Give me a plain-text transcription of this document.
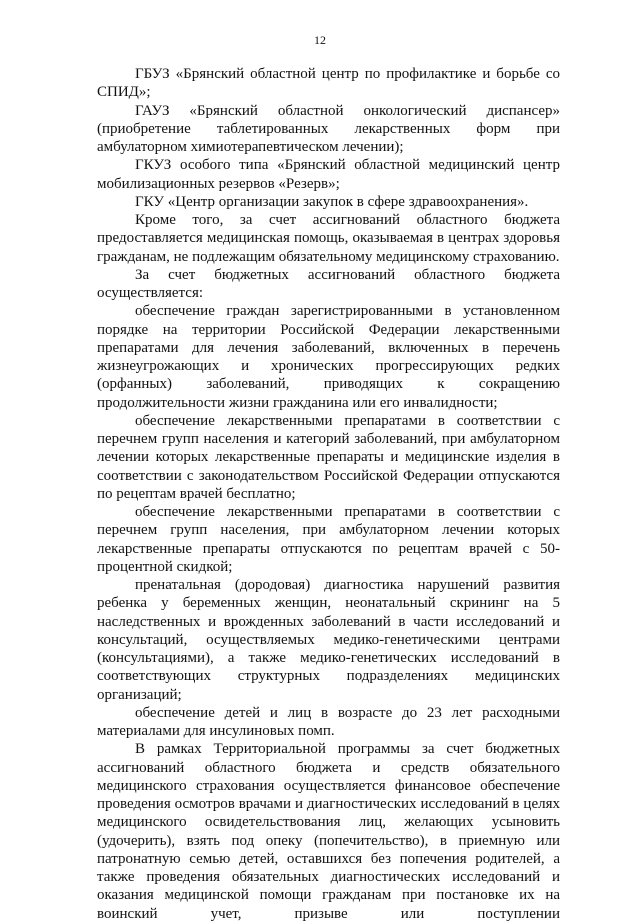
12

ГБУЗ «Брянский областной центр по профилактике и борьбе со СПИД»;

ГАУЗ «Брянский областной онкологический диспансер» (приобретение таблетированных лекарственных форм при амбулаторном химиотерапевтическом лечении);

ГКУЗ особого типа «Брянский областной медицинский центр мобилизационных резервов «Резерв»;

ГКУ «Центр организации закупок в сфере здравоохранения».

Кроме того, за счет ассигнований областного бюджета предоставляется медицинская помощь, оказываемая в центрах здоровья гражданам, не подлежащим обязательному медицинскому страхованию.

За счет бюджетных ассигнований областного бюджета осуществляется:

обеспечение граждан зарегистрированными в установленном порядке на территории Российской Федерации лекарственными препаратами для лечения заболеваний, включенных в перечень жизнеугрожающих и хронических прогрессирующих редких (орфанных) заболеваний, приводящих к сокращению продолжительности жизни гражданина или его инвалидности;

обеспечение лекарственными препаратами в соответствии с перечнем групп населения и категорий заболеваний, при амбулаторном лечении которых лекарственные препараты и медицинские изделия в соответствии с законодательством Российской Федерации отпускаются по рецептам врачей бесплатно;

обеспечение лекарственными препаратами в соответствии с перечнем групп населения, при амбулаторном лечении которых лекарственные препараты отпускаются по рецептам врачей с 50-процентной скидкой;

пренатальная (дородовая) диагностика нарушений развития ребенка у беременных женщин, неонатальный скрининг на 5 наследственных и врожденных заболеваний в части исследований и консультаций, осуществляемых медико-генетическими центрами (консультациями), а также медико-генетических исследований в соответствующих структурных подразделениях медицинских организаций;

обеспечение детей и лиц в возрасте до 23 лет расходными материалами для инсулиновых помп.

В рамках Территориальной программы за счет бюджетных ассигнований областного бюджета и средств обязательного медицинского страхования осуществляется финансовое обеспечение проведения осмотров врачами и диагностических исследований в целях медицинского освидетельствования лиц, желающих усыновить (удочерить), взять под опеку (попечительство), в приемную или патронатную семью детей, оставшихся без попечения родителей, а также проведения обязательных диагностических исследований и оказания медицинской помощи гражданам при постановке их на воинский учет, призыве или поступлении
